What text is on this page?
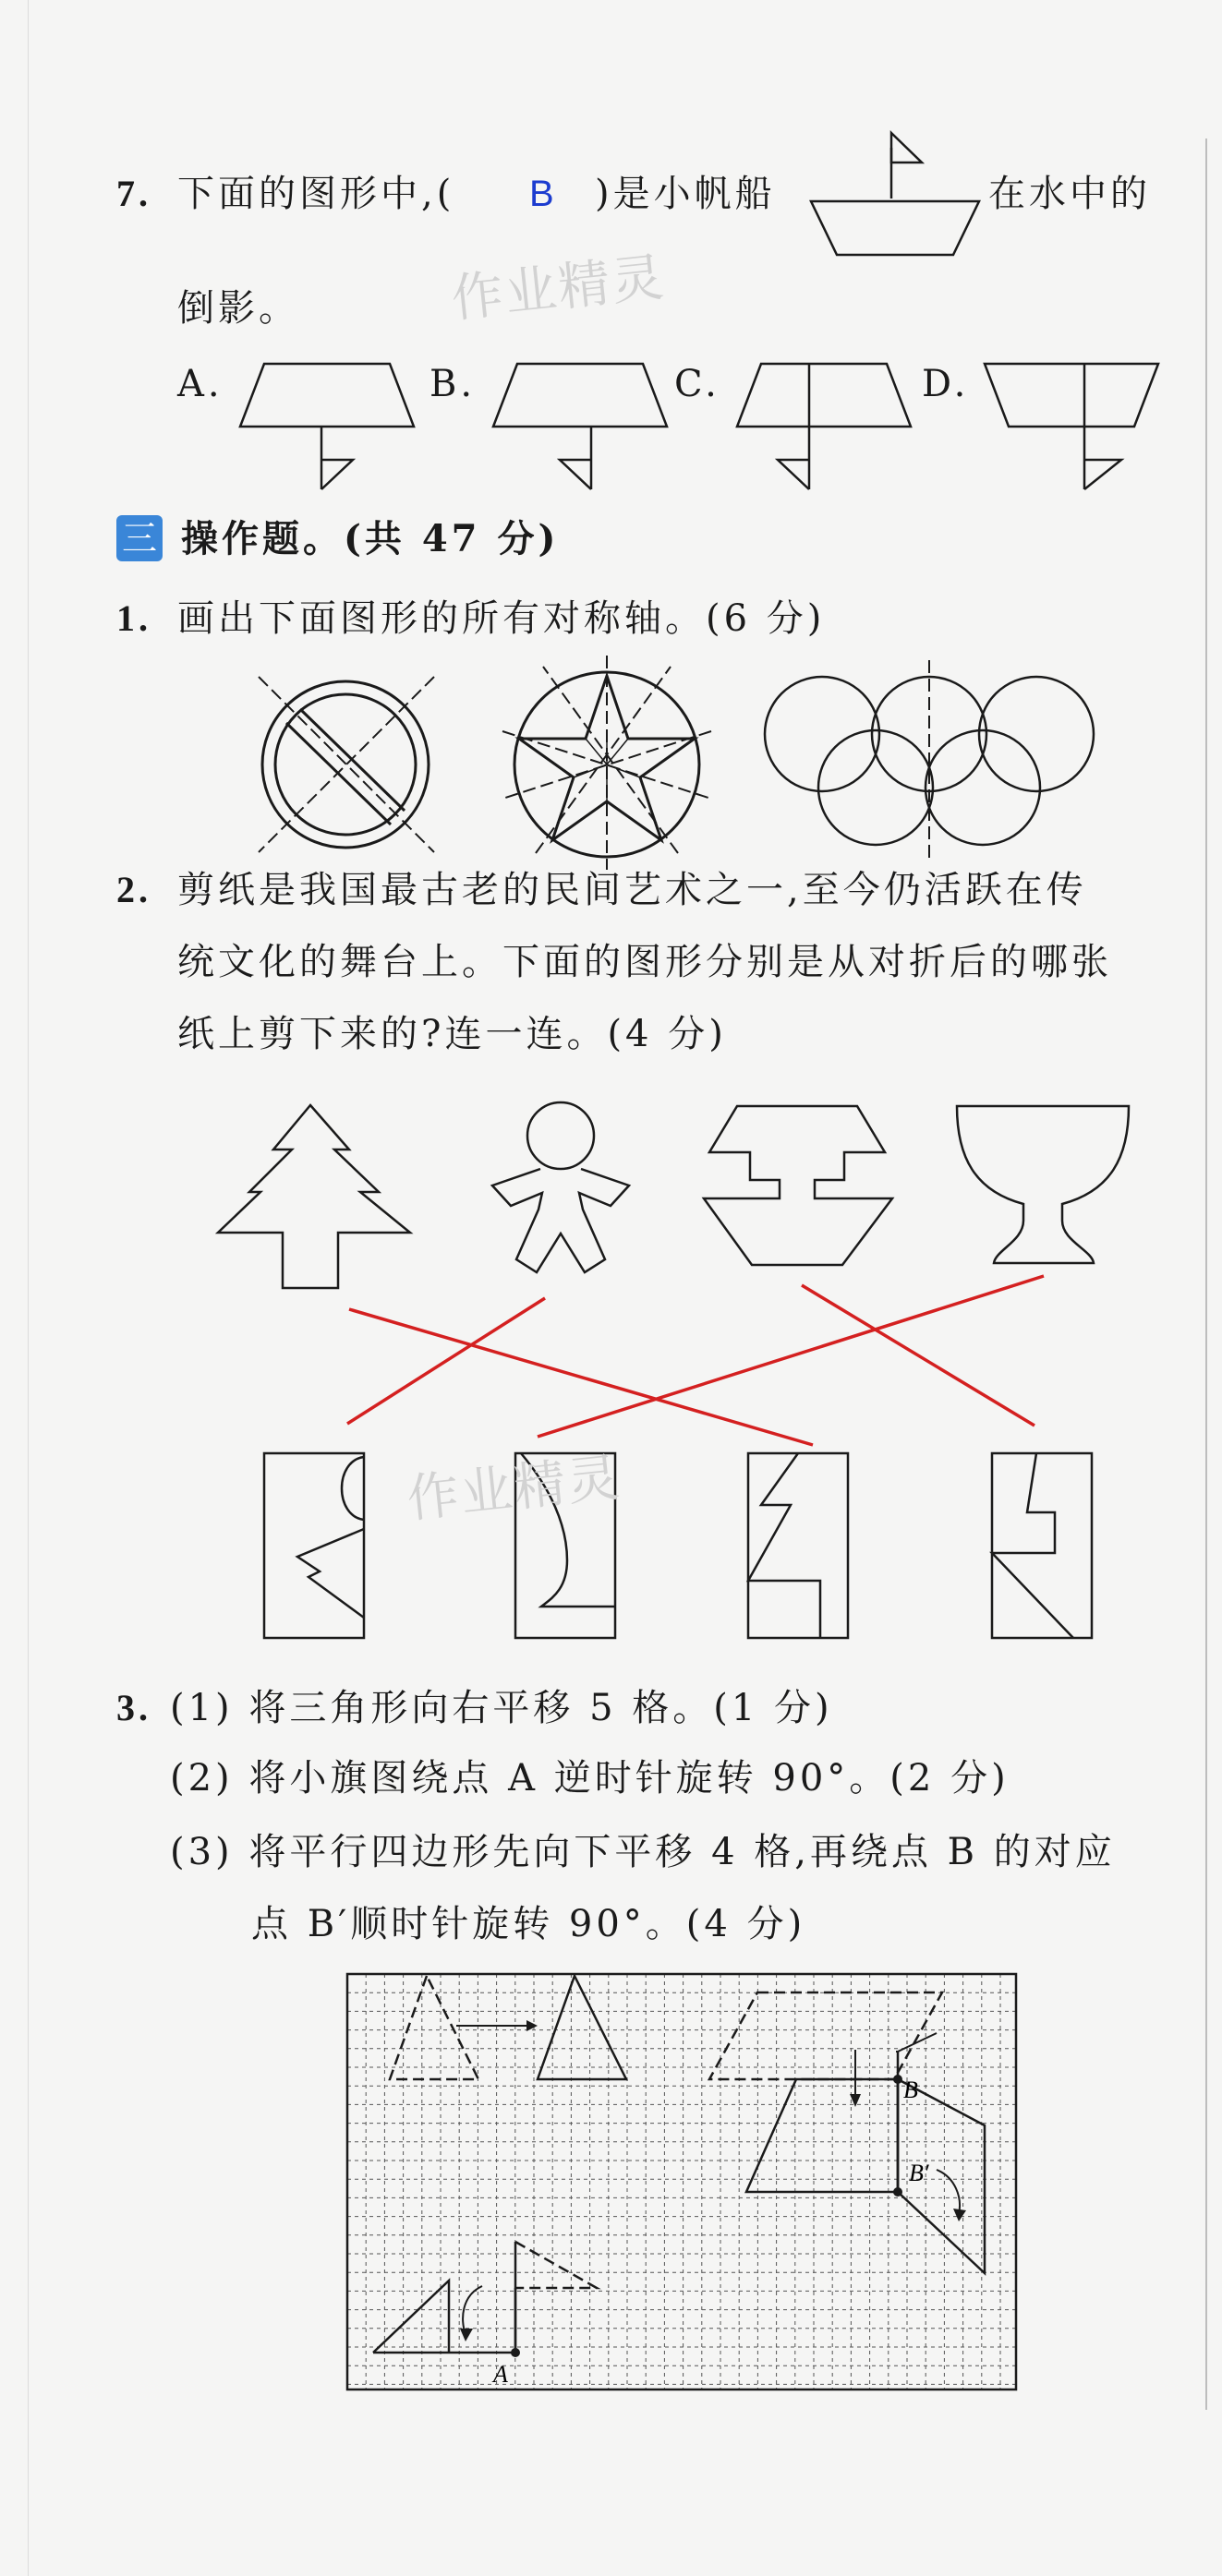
7. 下面的图形中,( B )是小帆船	在水中的
倒影。	作业精灵
A.	B.	C.	D.
三 操作题。(共 47 分)
1. 画出下面图形的所有对称轴。(6 分)
2. 剪纸是我国最古老的民间艺术之一,至今仍活跃在传
统文化的舞台上。下面的图形分别是从对折后的哪张
纸上剪下来的?连一连。(4 分)
作业精灵
3. (1) 将三角形向右平移 5 格。(1 分)
(2) 将小旗图绕点 A 逆时针旋转 90°。(2 分)
(3) 将平行四边形先向下平移 4 格,再绕点 B 的对应
点 B′顺时针旋转 90°。(4 分)
B
B′
A
